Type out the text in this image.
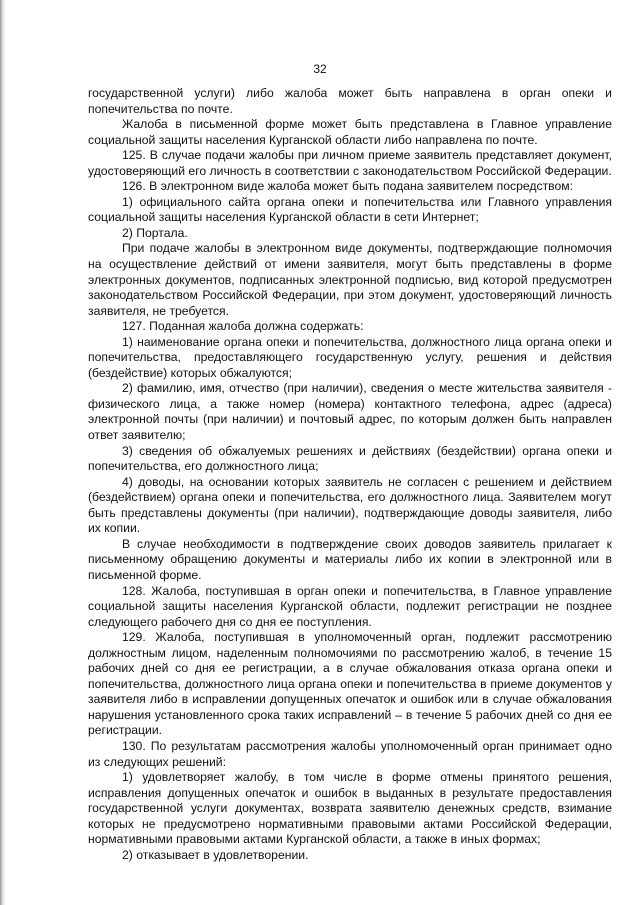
32

государственной услуги) либо жалоба может быть направлена в орган опеки и попечительства по почте.

Жалоба в письменной форме может быть представлена в Главное управление социальной защиты населения Курганской области либо направлена по почте.

125. В случае подачи жалобы при личном приеме заявитель представляет документ, удостоверяющий его личность в соответствии с законодательством Российской Федерации.

126. В электронном виде жалоба может быть подана заявителем посредством:

1) официального сайта органа опеки и попечительства или Главного управления социальной защиты населения Курганской области в сети Интернет;

2) Портала.

При подаче жалобы в электронном виде документы, подтверждающие полномочия на осуществление действий от имени заявителя, могут быть представлены в форме электронных документов, подписанных электронной подписью, вид которой предусмотрен законодательством Российской Федерации, при этом документ, удостоверяющий личность заявителя, не требуется.

127. Поданная жалоба должна содержать:

1) наименование органа опеки и попечительства, должностного лица органа опеки и попечительства, предоставляющего государственную услугу, решения и действия (бездействие) которых обжалуются;

2) фамилию, имя, отчество (при наличии), сведения о месте жительства заявителя - физического лица, а также номер (номера) контактного телефона, адрес (адреса) электронной почты (при наличии) и почтовый адрес, по которым должен быть направлен ответ заявителю;

3) сведения об обжалуемых решениях и действиях (бездействии) органа опеки и попечительства, его должностного лица;

4) доводы, на основании которых заявитель не согласен с решением и действием (бездействием) органа опеки и попечительства, его должностного лица. Заявителем могут быть представлены документы (при наличии), подтверждающие доводы заявителя, либо их копии.

В случае необходимости в подтверждение своих доводов заявитель прилагает к письменному обращению документы и материалы либо их копии в электронной или в письменной форме.

128. Жалоба, поступившая в орган опеки и попечительства, в Главное управление социальной защиты населения Курганской области, подлежит регистрации не позднее следующего рабочего дня со дня ее поступления.

129. Жалоба, поступившая в уполномоченный орган, подлежит рассмотрению должностным лицом, наделенным полномочиями по рассмотрению жалоб, в течение 15 рабочих дней со дня ее регистрации, а в случае обжалования отказа органа опеки и попечительства, должностного лица органа опеки и попечительства в приеме документов у заявителя либо в исправлении допущенных опечаток и ошибок или в случае обжалования нарушения установленного срока таких исправлений – в течение 5 рабочих дней со дня ее регистрации.

130. По результатам рассмотрения жалобы уполномоченный орган принимает одно из следующих решений:

1) удовлетворяет жалобу, в том числе в форме отмены принятого решения, исправления допущенных опечаток и ошибок в выданных в результате предоставления государственной услуги документах, возврата заявителю денежных средств, взимание которых не предусмотрено нормативными правовыми актами Российской Федерации, нормативными правовыми актами Курганской области, а также в иных формах;

2) отказывает в удовлетворении.
